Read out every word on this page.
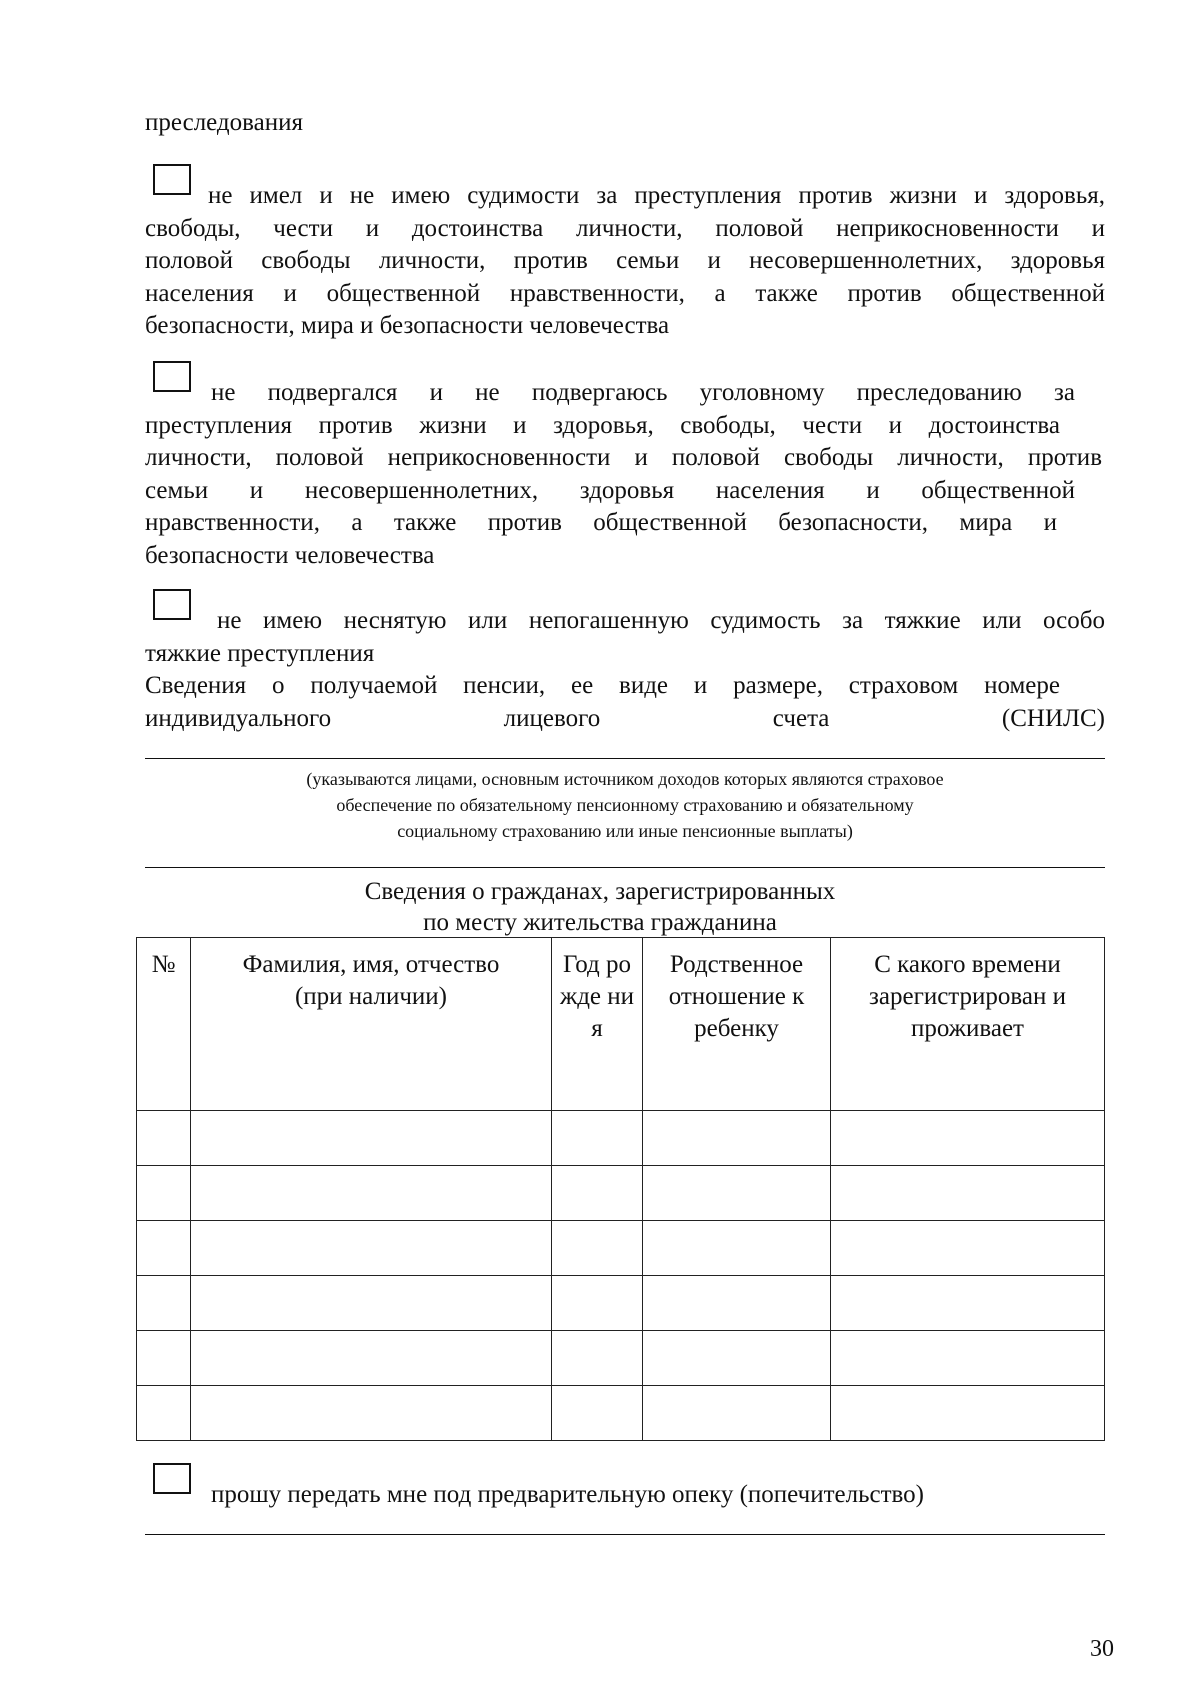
преследования
не имел и не имею судимости за преступления против жизни и здоровья,
свободы, чести и достоинства личности, половой неприкосновенности и
половой свободы личности, против семьи и несовершеннолетних, здоровья
населения и общественной нравственности, а также против общественной
безопасности, мира и безопасности человечества
не подвергался и не подвергаюсь уголовному преследованию за
преступления против жизни и здоровья, свободы, чести и достоинства
личности, половой неприкосновенности и половой свободы личности, против
семьи и несовершеннолетних, здоровья населения и общественной
нравственности, а также против общественной безопасности, мира и
безопасности человечества
не имею неснятую или непогашенную судимость за тяжкие или особо
тяжкие преступления
Сведения о получаемой пенсии, ее виде и размере, страховом номере
индивидуального лицевого счета (СНИЛС)
(указываются лицами, основным источником доходов которых являются страховое
обеспечение по обязательному пенсионному страхованию и обязательному
социальному страхованию или иные пенсионные выплаты)
Сведения о гражданах, зарегистрированных
по месту жительства гражданина
№	Фамилия, имя, отчество (при наличии)	Год рожде ния	Родственное отношение к ребенку	С какого времени зарегистрирован и проживает

прошу передать мне под предварительную опеку (попечительство)
30
